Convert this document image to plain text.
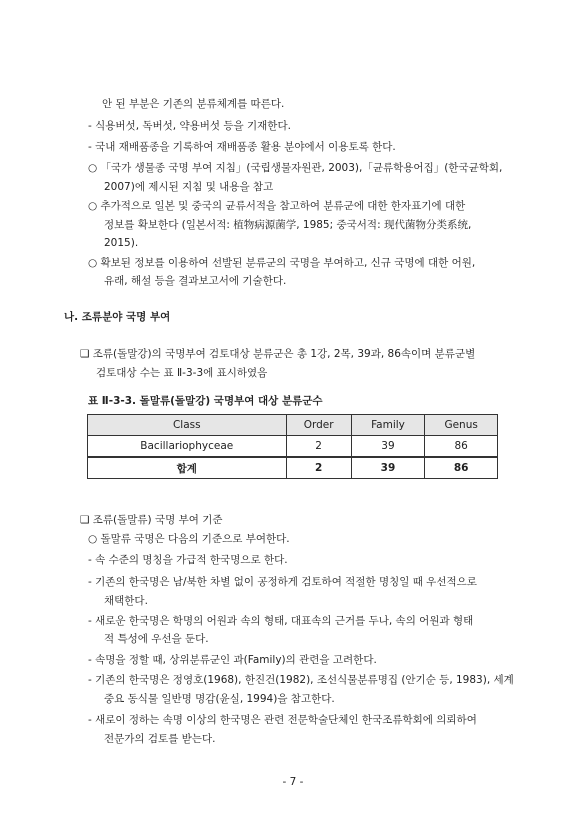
안 된 부분은 기존의 분류체계를 따른다.
- 식용버섯, 독버섯, 약용버섯 등을 기재한다.
- 국내 재배품종을 기록하여 재배품종 활용 분야에서 이용토록 한다.
○ 「국가 생물종 국명 부여 지침」(국립생물자원관, 2003),「균류학용어집」(한국균학회,
2007)에 제시된 지침 및 내용을 참고
○ 추가적으로 일본 및 중국의 균류서적을 참고하여 분류군에 대한 한자표기에 대한
정보를 확보한다 (일본서적: 植物病源菌学, 1985; 중국서적: 现代菌物分类系统,
2015).
○ 확보된 정보를 이용하여 선발된 분류군의 국명을 부여하고, 신규 국명에 대한 어원,
유래, 해설 등을 결과보고서에 기술한다.
나. 조류분야 국명 부여
❑ 조류(돌말강)의 국명부여 검토대상 분류군은 총 1강, 2목, 39과, 86속이며 분류군별
검토대상 수는 표 Ⅱ-3-3에 표시하였음
표 Ⅱ-3-3. 돌말류(돌말강) 국명부여 대상 분류군수
Class	Order	Family	Genus
Bacillariophyceae	2	39	86
합계	2	39	86
❑ 조류(돌말류) 국명 부여 기준
○ 돌말류 국명은 다음의 기준으로 부여한다.
- 속 수준의 명칭을 가급적 한국명으로 한다.
- 기존의 한국명은 남/북한 차별 없이 공정하게 검토하여 적절한 명칭일 때 우선적으로
채택한다.
- 새로운 한국명은 학명의 어원과 속의 형태, 대표속의 근거를 두나, 속의 어원과 형태
적 특성에 우선을 둔다.
- 속명을 정할 때, 상위분류군인 과(Family)의 관련을 고려한다.
- 기존의 한국명은 정영호(1968), 한진건(1982), 조선식물분류명집 (안기순 등, 1983), 세계
중요 동식물 일반명 명감(윤실, 1994)을 참고한다.
- 새로이 정하는 속명 이상의 한국명은 관련 전문학술단체인 한국조류학회에 의뢰하여
전문가의 검토를 받는다.
- 7 -
